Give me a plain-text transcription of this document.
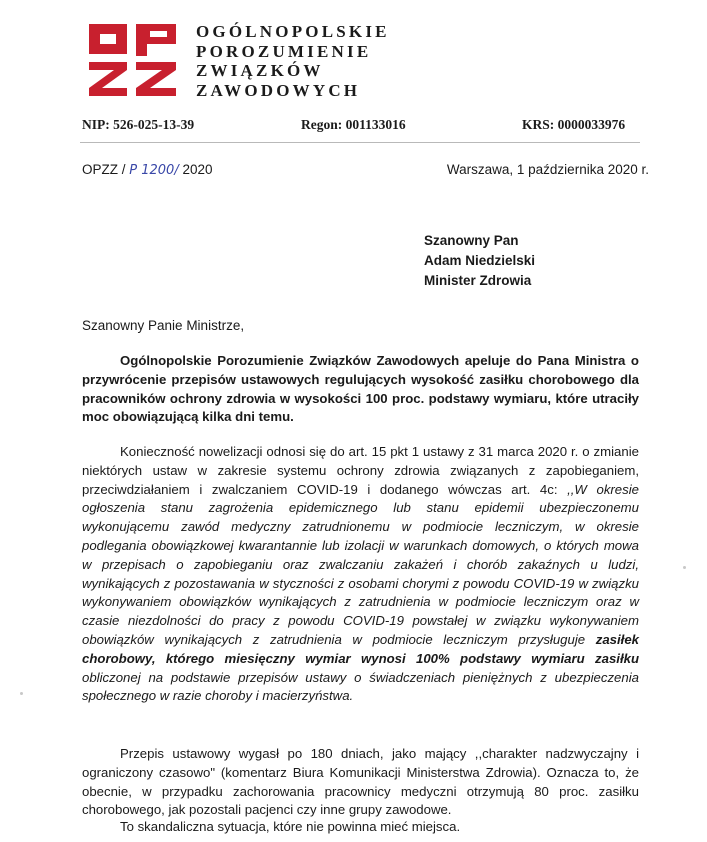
OGÓLNOPOLSKIE
POROZUMIENIE
ZWIĄZKÓW
ZAWODOWYCH
NIP: 526-025-13-39	Regon: 001133016	KRS: 0000033976
OPZZ / P 1200/ 2020	Warszawa, 1 października 2020 r.
Szanowny Pan
Adam Niedzielski
Minister Zdrowia
Szanowny Panie Ministrze,
Ogólnopolskie Porozumienie Związków Zawodowych apeluje do Pana Ministra o przywrócenie przepisów ustawowych regulujących wysokość zasiłku chorobowego dla pracowników ochrony zdrowia w wysokości 100 proc. podstawy wymiaru, które utraciły moc obowiązującą kilka dni temu.
Konieczność nowelizacji odnosi się do art. 15 pkt 1 ustawy z 31 marca 2020 r. o zmianie niektórych ustaw w zakresie systemu ochrony zdrowia związanych z zapobieganiem, przeciwdziałaniem i zwalczaniem COVID-19 i dodanego wówczas art. 4c: ,,W okresie ogłoszenia stanu zagrożenia epidemicznego lub stanu epidemii ubezpieczonemu wykonującemu zawód medyczny zatrudnionemu w podmiocie leczniczym, w okresie podlegania obowiązkowej kwarantannie lub izolacji w warunkach domowych, o których mowa w przepisach o zapobieganiu oraz zwalczaniu zakażeń i chorób zakaźnych u ludzi, wynikających z pozostawania w styczności z osobami chorymi z powodu COVID-19 w związku wykonywaniem obowiązków wynikających z zatrudnienia w podmiocie leczniczym oraz w czasie niezdolności do pracy z powodu COVID-19 powstałej w związku wykonywaniem obowiązków wynikających z zatrudnienia w podmiocie leczniczym przysługuje zasiłek chorobowy, którego miesięczny wymiar wynosi 100% podstawy wymiaru zasiłku obliczonej na podstawie przepisów ustawy o świadczeniach pieniężnych z ubezpieczenia społecznego w razie choroby i macierzyństwa.
Przepis ustawowy wygasł po 180 dniach, jako mający ,,charakter nadzwyczajny i ograniczony czasowo" (komentarz Biura Komunikacji Ministerstwa Zdrowia). Oznacza to, że obecnie, w przypadku zachorowania pracownicy medyczni otrzymują 80 proc. zasiłku chorobowego, jak pozostali pacjenci czy inne grupy zawodowe.
To skandaliczna sytuacja, które nie powinna mieć miejsca.
